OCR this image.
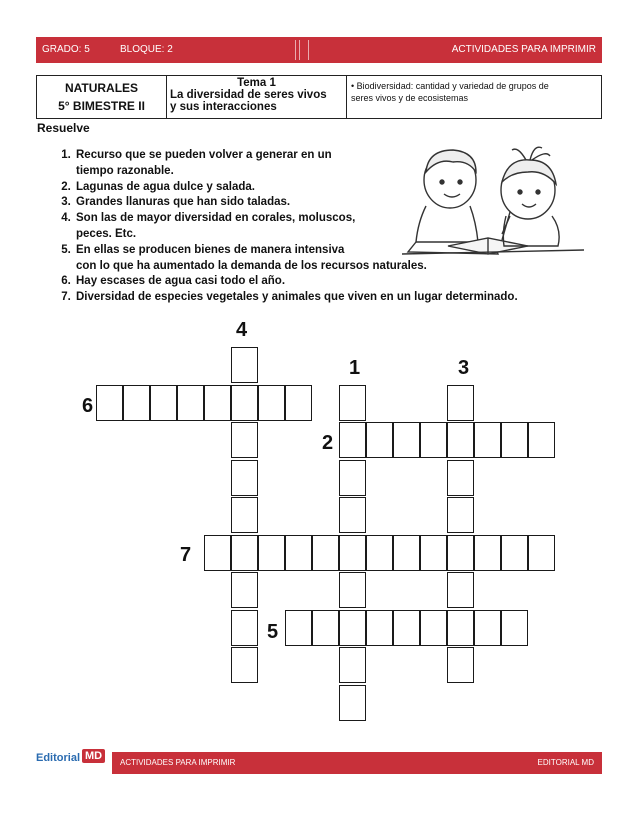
GRADO: 5	BLOQUE: 2	ACTIVIDADES PARA IMPRIMIR
NATURALES
5° BIMESTRE II
Tema 1
La diversidad de seres vivos
y sus interacciones
• Biodiversidad: cantidad y variedad de grupos de
seres vivos y de ecosistemas
Resuelve
1. Recurso que se pueden volver a generar en un
tiempo razonable.
2. Lagunas de agua dulce y salada.
3. Grandes llanuras que han sido taladas.
4. Son las de mayor diversidad en corales, moluscos,
peces. Etc.
5. En ellas se producen bienes de manera intensiva
con lo que ha aumentado la demanda de los recursos naturales.
6. Hay escases de agua casi todo el año.
7. Diversidad de especies vegetales y animales que viven en un lugar determinado.
4
1	3
6
2
7
5
Editorial MD
ACTIVIDADES PARA IMPRIMIR	EDITORIAL MD
